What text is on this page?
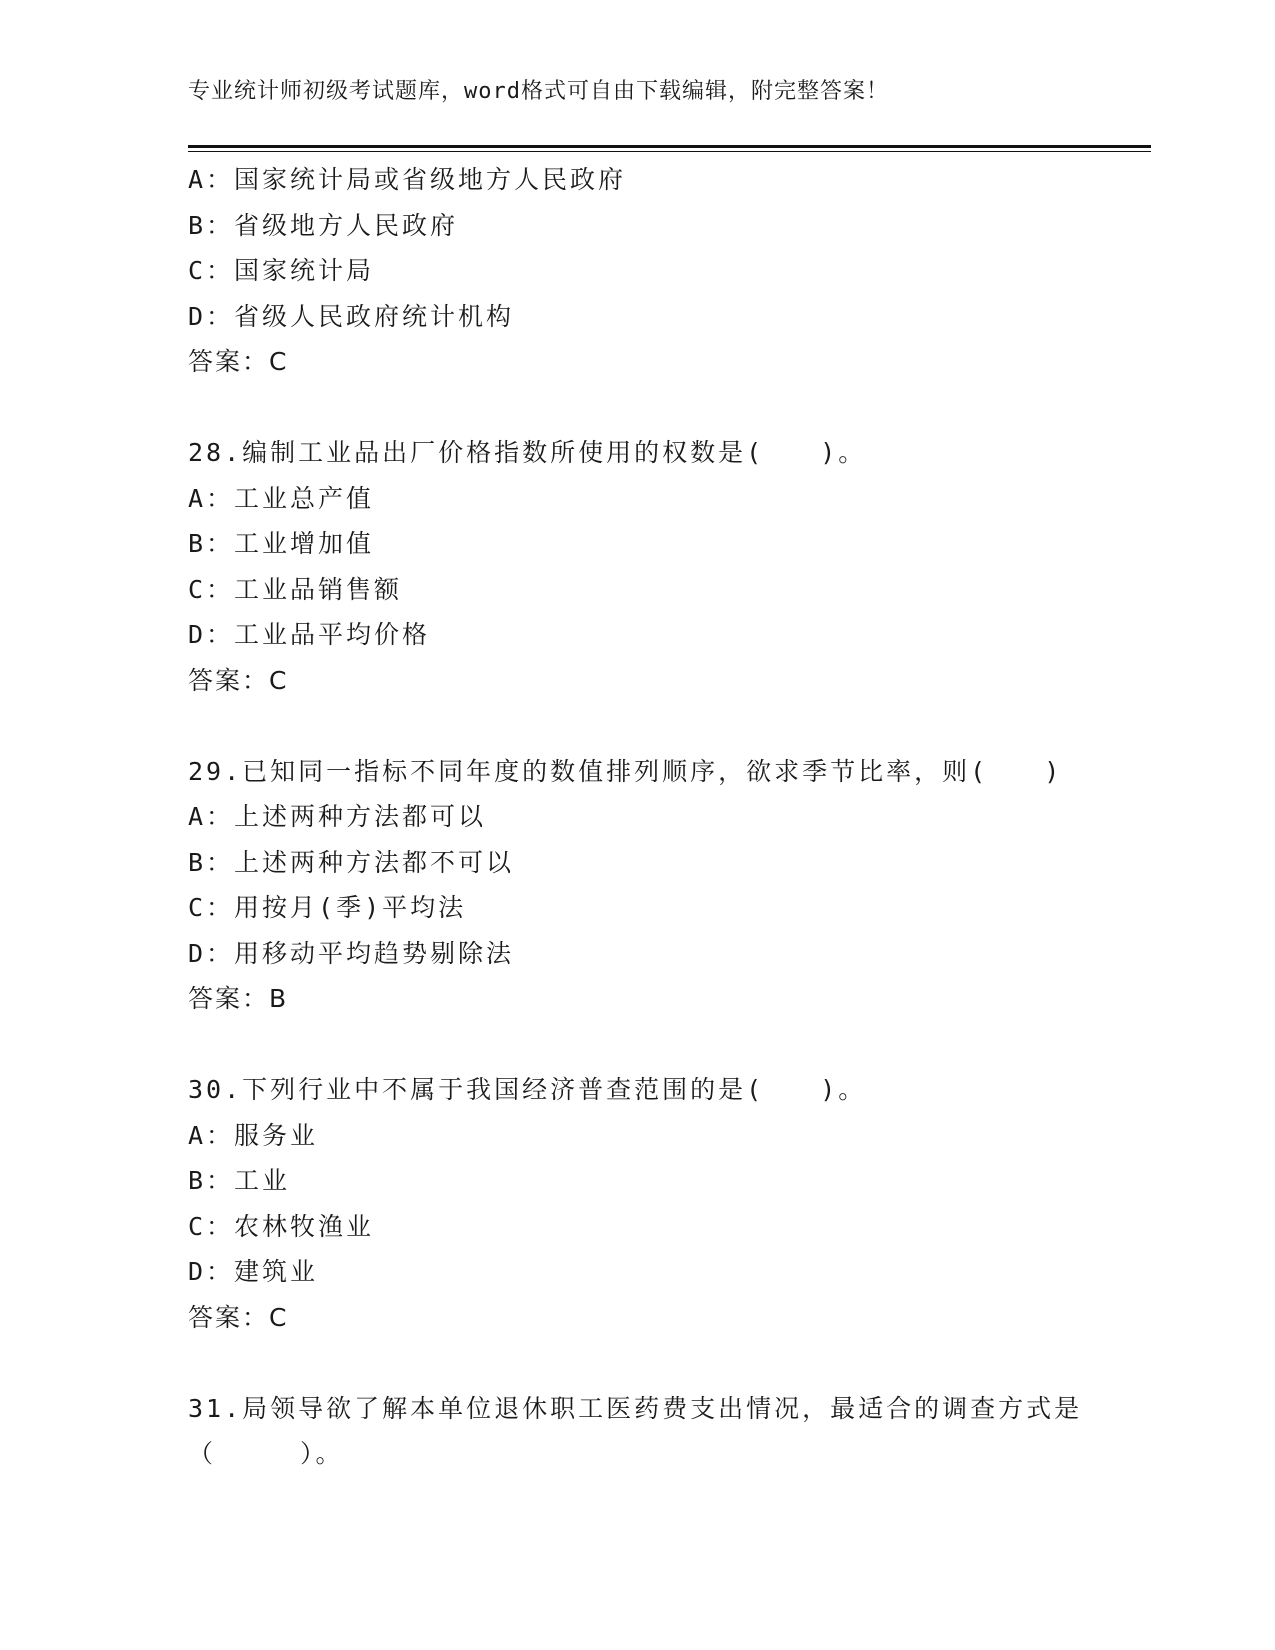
专业统计师初级考试题库，word格式可自由下载编辑，附完整答案！
A：国家统计局或省级地方人民政府
B：省级地方人民政府
C：国家统计局
D：省级人民政府统计机构
答案：C
28.编制工业品出厂价格指数所使用的权数是(　　)。
A：工业总产值
B：工业增加值
C：工业品销售额
D：工业品平均价格
答案：C
29.已知同一指标不同年度的数值排列顺序，欲求季节比率，则(　　)
A：上述两种方法都可以
B：上述两种方法都不可以
C：用按月(季)平均法
D：用移动平均趋势剔除法
答案：B
30.下列行业中不属于我国经济普查范围的是(　　)。
A：服务业
B：工业
C：农林牧渔业
D：建筑业
答案：C
31.局领导欲了解本单位退休职工医药费支出情况，最适合的调查方式是（　　　）。
